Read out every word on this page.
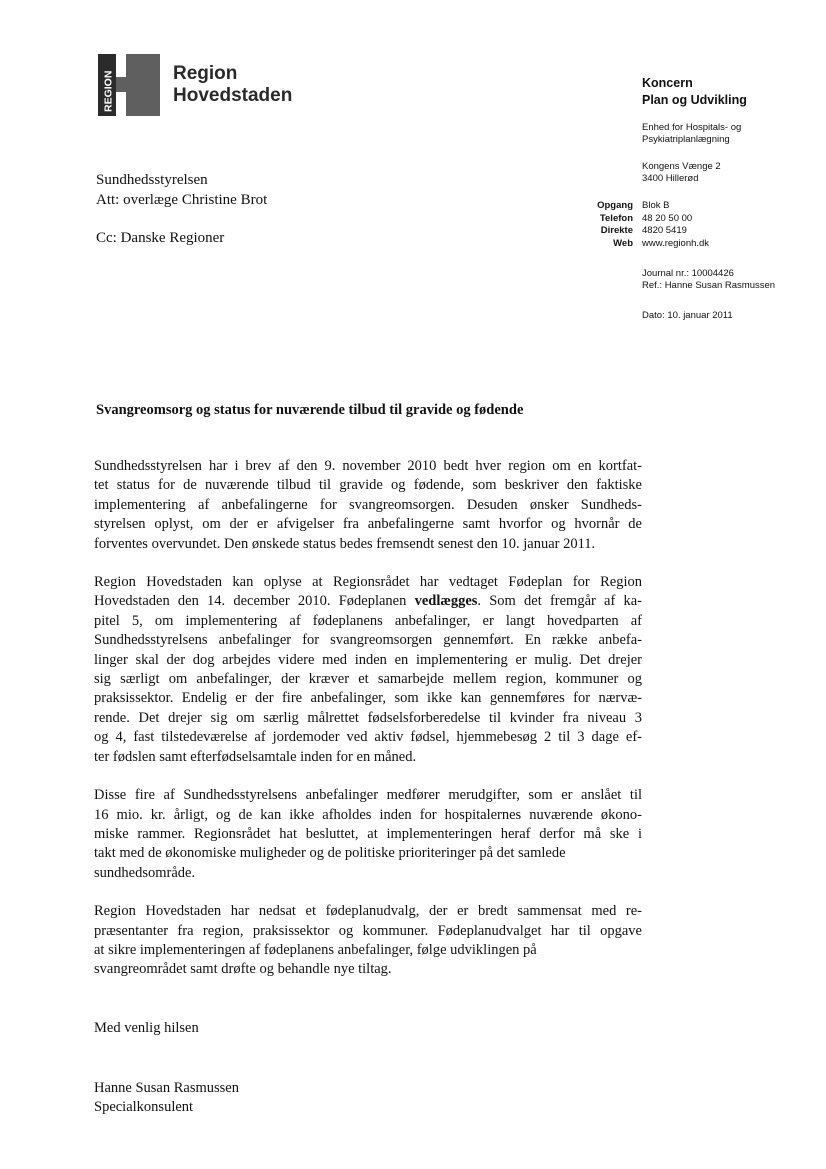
REGION	Region
Hovedstaden
Sundhedsstyrelsen
Att: overlæge Christine Brot
Cc: Danske Regioner
Koncern
Plan og Udvikling
Enhed for Hospitals- og
Psykiatriplanlægning
Kongens Vænge 2
3400 Hillerød
Opgang
Telefon
Direkte
Web
Blok B
48 20 50 00
4820 5419
www.regionh.dk
Journal nr.: 10004426
Ref.: Hanne Susan Rasmussen
Dato: 10. januar 2011
Svangreomsorg og status for nuværende tilbud til gravide og fødende

Sundhedsstyrelsen har i brev af den 9. november 2010 bedt hver region om en kortfat-
tet status for de nuværende tilbud til gravide og fødende, som beskriver den faktiske
implementering af anbefalingerne for svangreomsorgen. Desuden ønsker Sundheds-
styrelsen oplyst, om der er afvigelser fra anbefalingerne samt hvorfor og hvornår de
forventes overvundet. Den ønskede status bedes fremsendt senest den 10. januar 2011.

Region Hovedstaden kan oplyse at Regionsrådet har vedtaget Fødeplan for Region
Hovedstaden den 14. december 2010. Fødeplanen vedlægges. Som det fremgår af ka-
pitel 5, om implementering af fødeplanens anbefalinger, er langt hovedparten af
Sundhedsstyrelsens anbefalinger for svangreomsorgen gennemført. En række anbefa-
linger skal der dog arbejdes videre med inden en implementering er mulig. Det drejer
sig særligt om anbefalinger, der kræver et samarbejde mellem region, kommuner og
praksissektor. Endelig er der fire anbefalinger, som ikke kan gennemføres for nærvæ-
rende. Det drejer sig om særlig målrettet fødselsforberedelse til kvinder fra niveau 3
og 4, fast tilstedeværelse af jordemoder ved aktiv fødsel, hjemmebesøg 2 til 3 dage ef-
ter fødslen samt efterfødselsamtale inden for en måned.

Disse fire af Sundhedsstyrelsens anbefalinger medfører merudgifter, som er anslået til
16 mio. kr. årligt, og de kan ikke afholdes inden for hospitalernes nuværende økono-
miske rammer. Regionsrådet hat besluttet, at implementeringen heraf derfor må ske i
takt med de økonomiske muligheder og de politiske prioriteringer på det samlede
sundhedsområde.

Region Hovedstaden har nedsat et fødeplanudvalg, der er bredt sammensat med re-
præsentanter fra region, praksissektor og kommuner. Fødeplanudvalget har til opgave
at sikre implementeringen af fødeplanens anbefalinger, følge udviklingen på
svangreområdet samt drøfte og behandle nye tiltag.

Med venlig hilsen
Hanne Susan Rasmussen
Specialkonsulent
